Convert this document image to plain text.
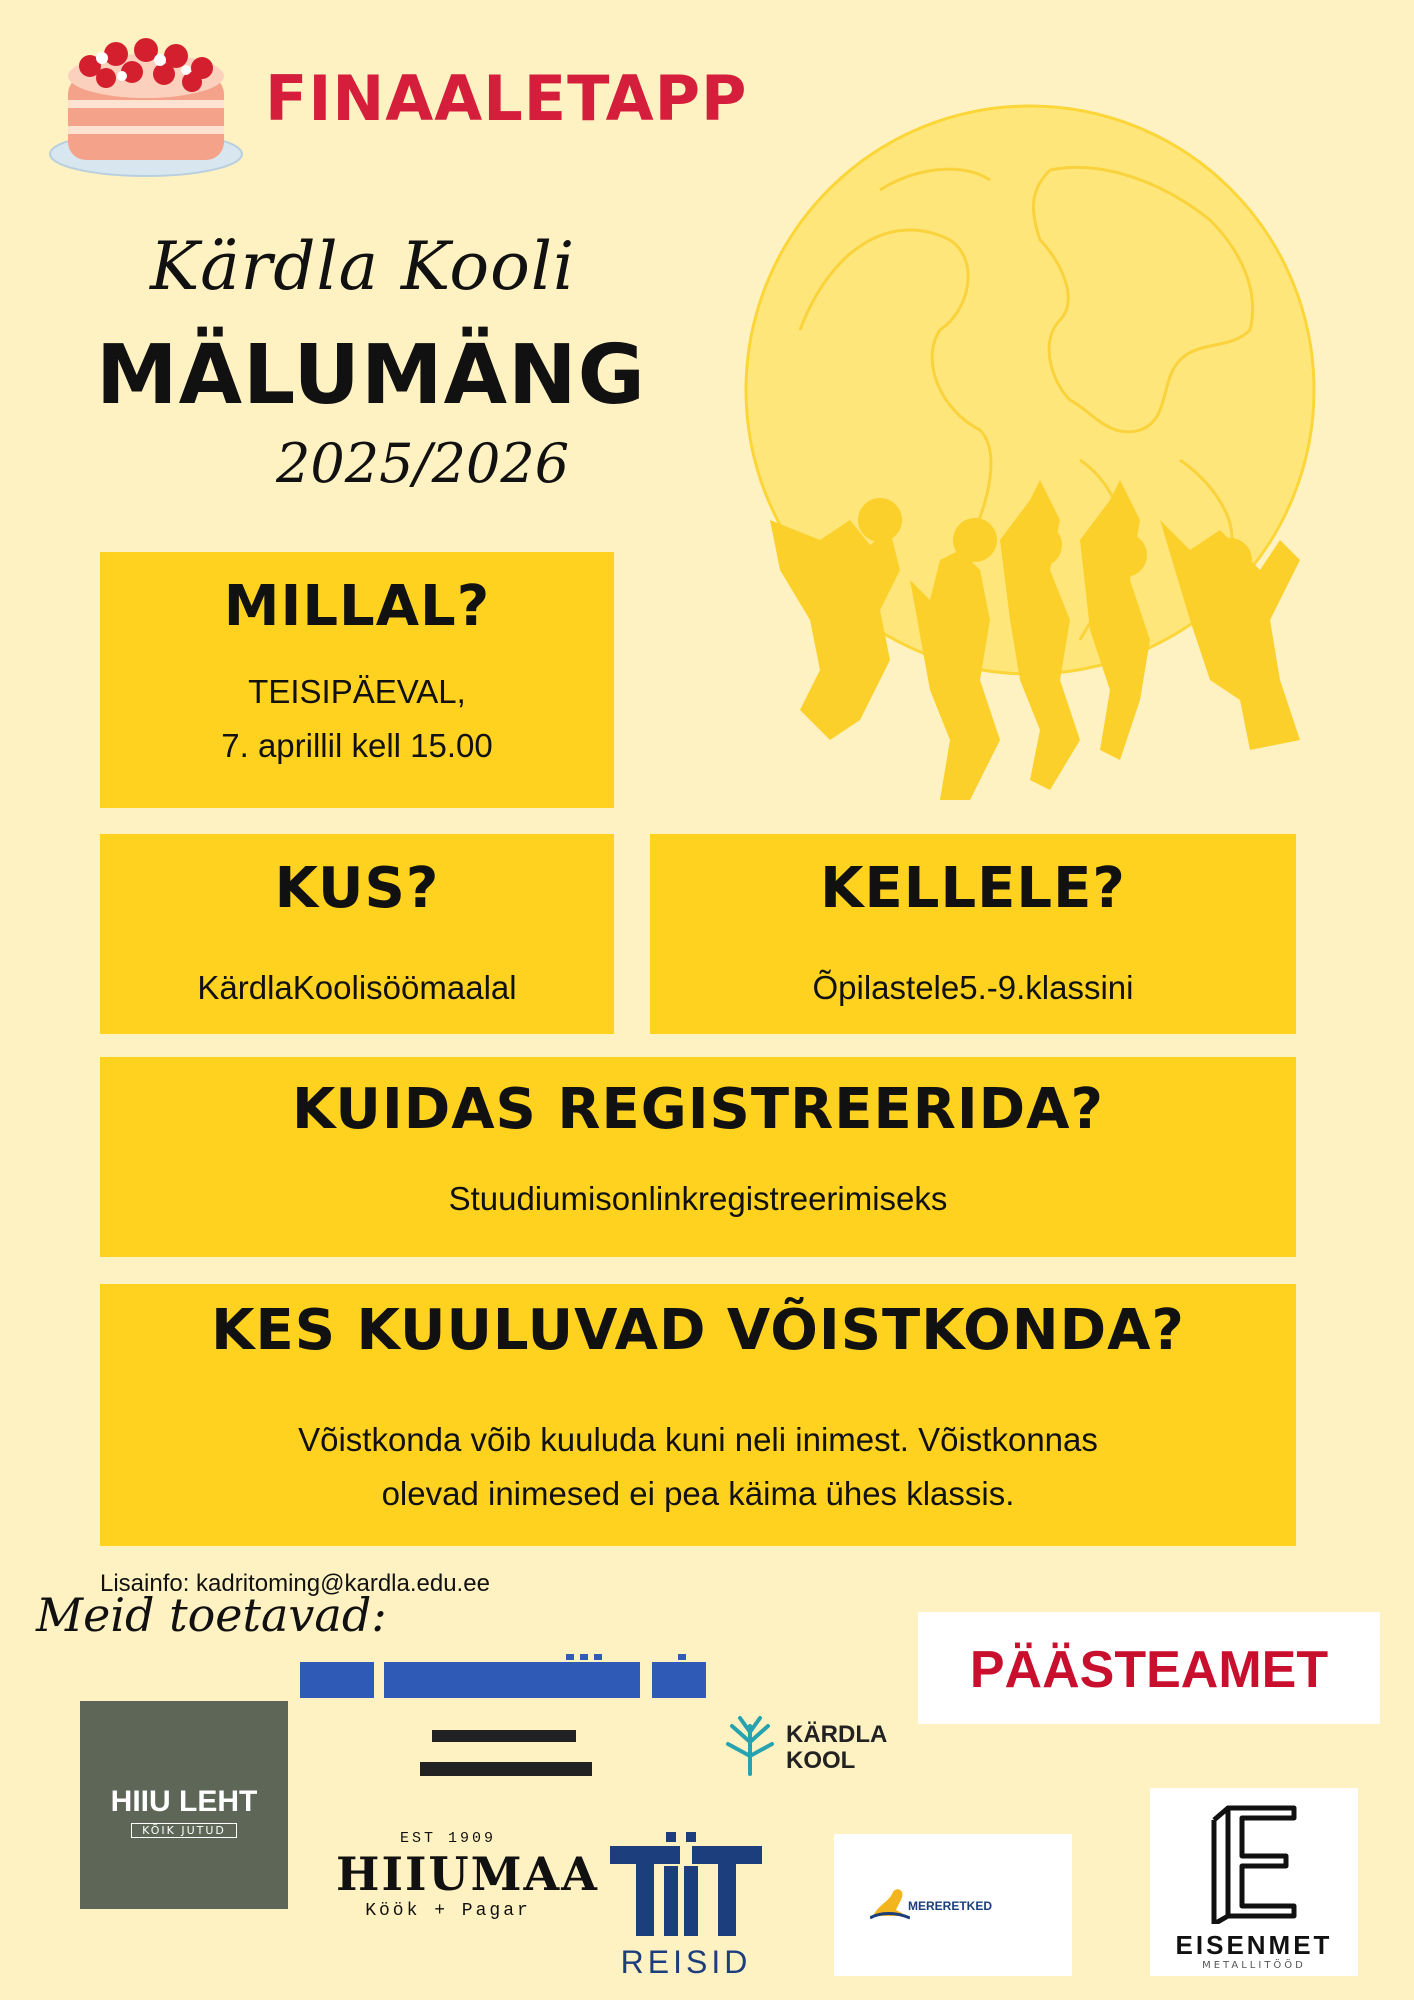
FINAALETAPP
Kärdla Kooli
MÄLUMÄNG
2025/2026
MILLAL?

TEISIPÄEVAL,
7. aprillil kell 15.00

KUS?

KärdlaKoolisöömaalal

KELLELE?

Õpilastele5.-9.klassini

KUIDAS REGISTREERIDA?

Stuudiumisonlinkregistreerimiseks

KES KUULUVAD VÕISTKONDA?

Võistkonda võib kuuluda kuni neli inimest. Võistkonnas
olevad inimesed ei pea käima ühes klassis.

Lisainfo: kadritoming@kardla.edu.ee
Meid toetavad:
HIIU LEHT
KÕIK JUTUD
PÄÄSTEAMET
KÄRDLA
KOOL
EST 1909
HIIUMAA
Köök + Pagar
REISID
MERERETKED
EISENMET
METALLITÖÖD
